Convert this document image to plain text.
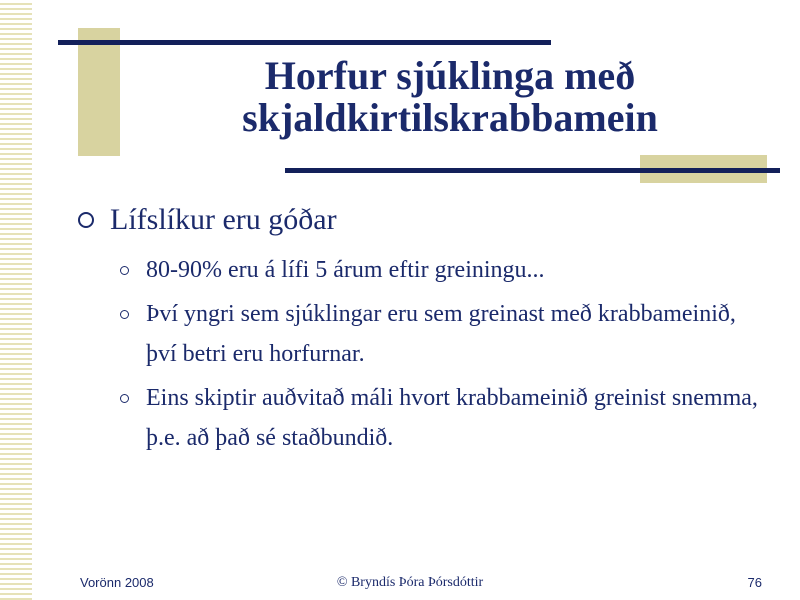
Horfur sjúklinga með
skjaldkirtilskrabbamein
Lífslíkur eru góðar
80-90% eru á lífi 5 árum eftir greiningu...
Því yngri sem sjúklingar eru sem greinast með krabbameinið, því betri eru horfurnar.
Eins skiptir auðvitað máli hvort krabbameinið greinist snemma, þ.e. að það sé staðbundið.
Vorönn 2008	© Bryndís Þóra Þórsdóttir	76
